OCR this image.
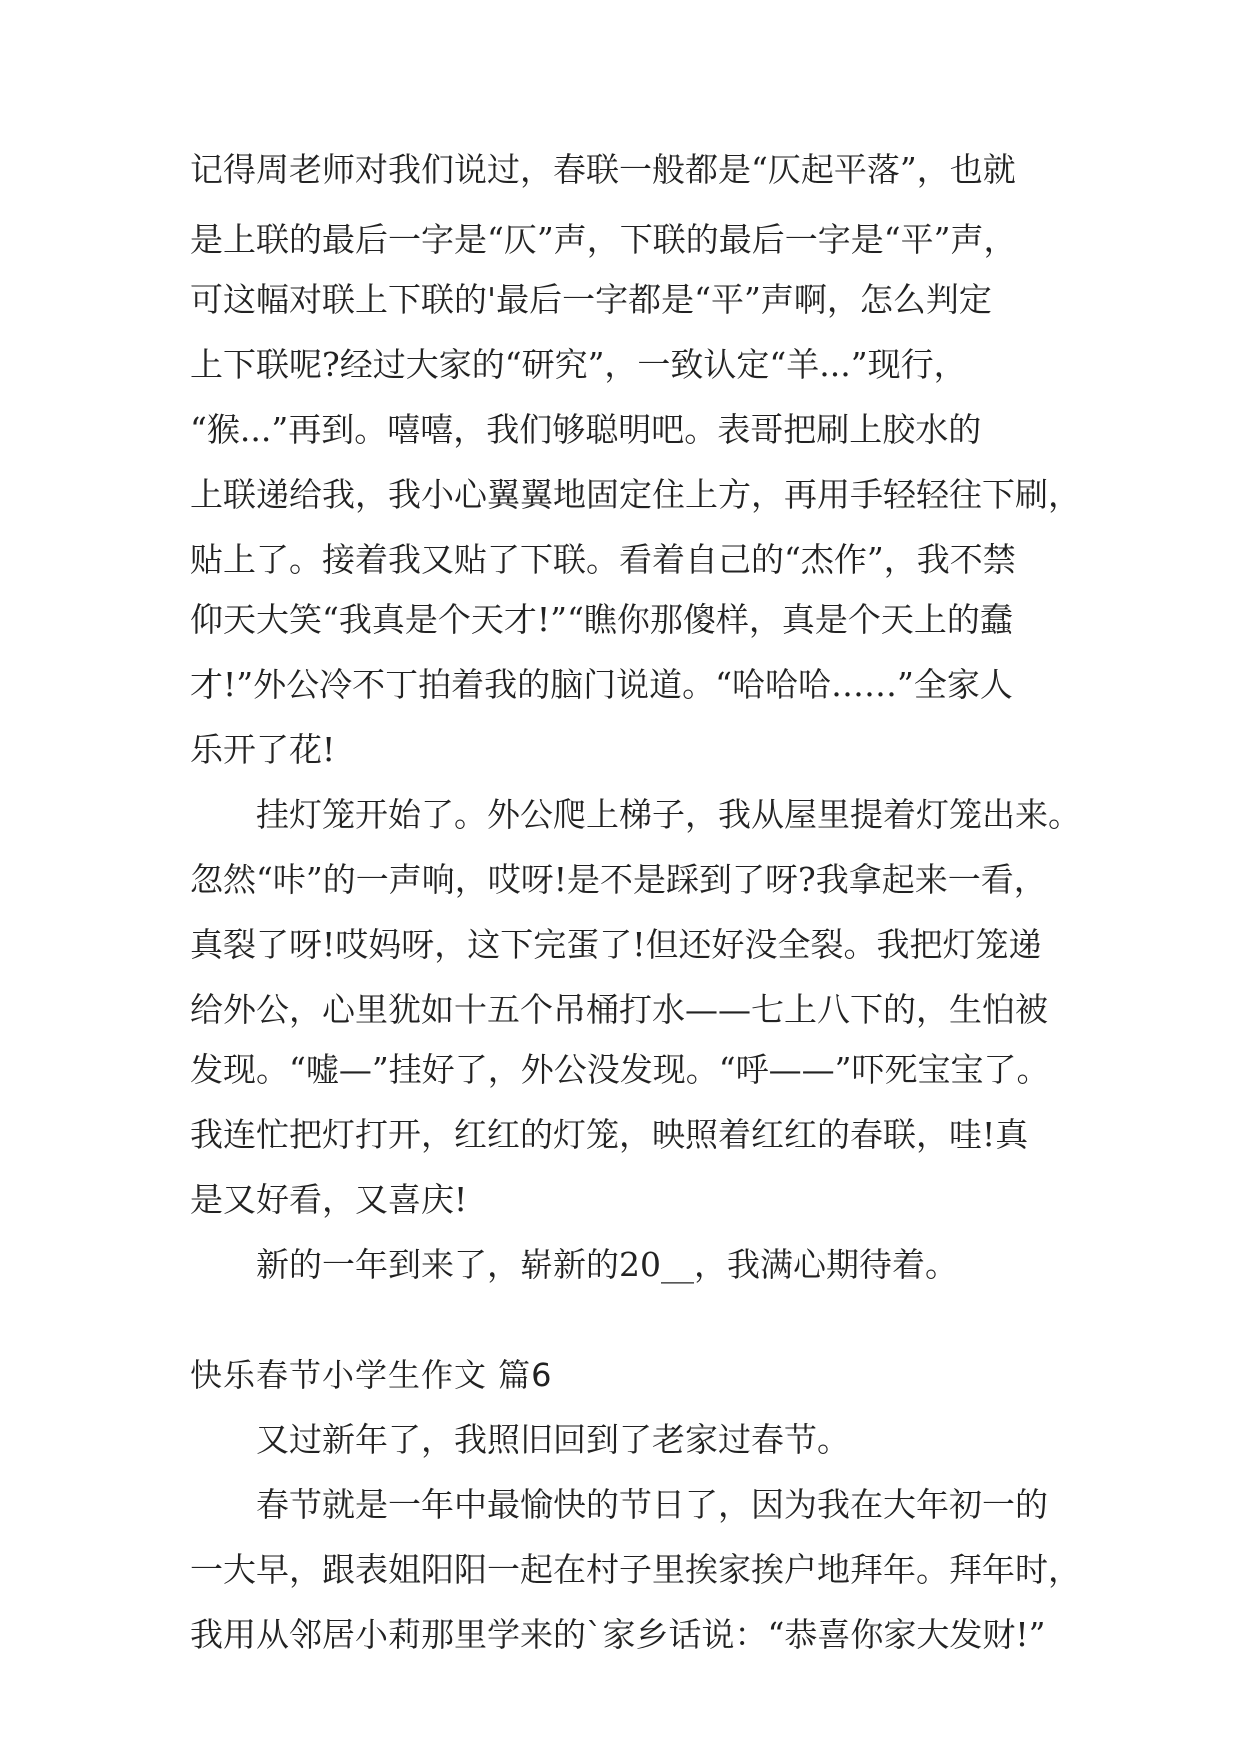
记得周老师对我们说过，春联一般都是“仄起平落”，也就
是上联的最后一字是“仄”声，下联的最后一字是“平”声，
可这幅对联上下联的'最后一字都是“平”声啊，怎么判定
上下联呢?经过大家的“研究”，一致认定“羊...”现行，
“猴...”再到。嘻嘻，我们够聪明吧。表哥把刷上胶水的
上联递给我，我小心翼翼地固定住上方，再用手轻轻往下刷，
贴上了。接着我又贴了下联。看着自己的“杰作”，我不禁
仰天大笑“我真是个天才!”“瞧你那傻样，真是个天上的蠢
才!”外公冷不丁拍着我的脑门说道。“哈哈哈……”全家人
乐开了花!
挂灯笼开始了。外公爬上梯子，我从屋里提着灯笼出来。
忽然“咔”的一声响，哎呀!是不是踩到了呀?我拿起来一看，
真裂了呀!哎妈呀，这下完蛋了!但还好没全裂。我把灯笼递
给外公，心里犹如十五个吊桶打水——七上八下的，生怕被
发现。“嘘—”挂好了，外公没发现。“呼——”吓死宝宝了。
我连忙把灯打开，红红的灯笼，映照着红红的春联，哇!真
是又好看，又喜庆!
新的一年到来了，崭新的20__，我满心期待着。
快乐春节小学生作文 篇6
又过新年了，我照旧回到了老家过春节。
春节就是一年中最愉快的节日了，因为我在大年初一的
一大早，跟表姐阳阳一起在村子里挨家挨户地拜年。拜年时，
我用从邻居小莉那里学来的`家乡话说：“恭喜你家大发财!”
